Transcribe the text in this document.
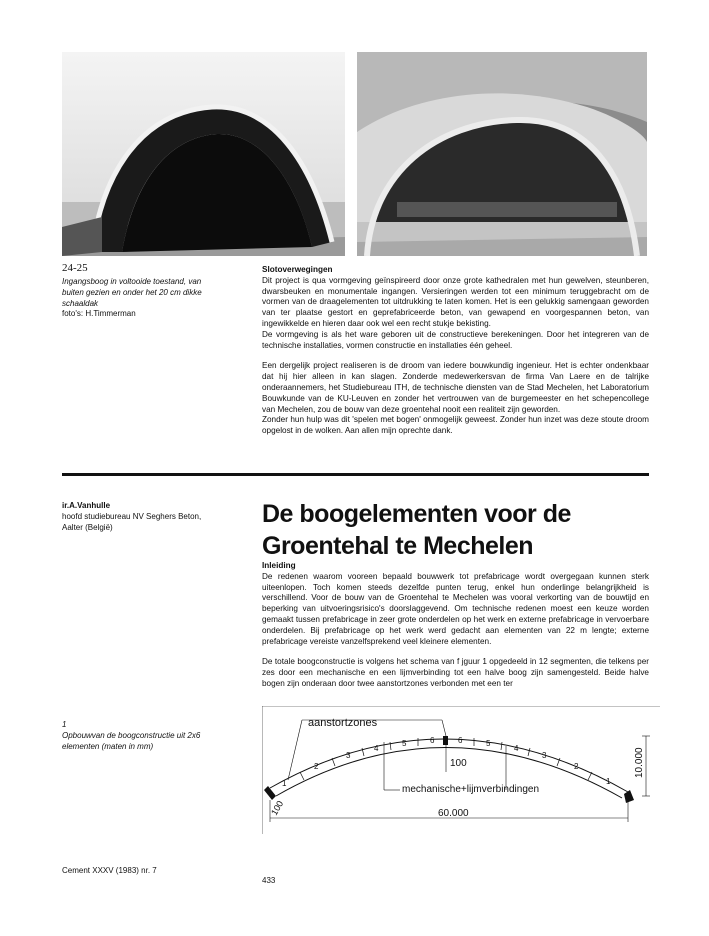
24-25
Ingangsboog in voltooide toestand, van
buiten gezien en onder het 20 cm dikke
schaaldak
foto's: H.Timmerman

Slotoverwegingen

Dit project is qua vormgeving geïnspireerd door onze grote kathedralen met hun gewelven, steunberen, dwarsbeuken en monumentale ingangen. Versieringen werden tot een minimum teruggebracht om de vormen van de draagelementen tot uitdrukking te laten komen. Het is een gelukkig samengaan geworden van ter plaatse gestort en geprefabriceerde beton, van gewapend en voorgespannen beton, van ingewikkelde en hieren daar ook wel een recht stukje bekisting.

De vormgeving is als het ware geboren uit de constructieve berekeningen. Door het integreren van de technische installaties, vormen constructie en installaties één geheel.

Een dergelijk project realiseren is de droom van iedere bouwkundig ingenieur. Het is echter ondenkbaar dat hij hier alleen in kan slagen. Zonderde medewerkersvan de firma Van Laere en de talrijke onderaannemers, het Studiebureau ITH, de technische diensten van de Stad Mechelen, het Laboratorium Bouwkunde van de KU-Leuven en zonder het vertrouwen van de burgemeester en het schepencollege van Mechelen, zou de bouw van deze groentehal nooit een realiteit zijn geworden.

Zonder hun hulp was dit 'spelen met bogen' onmogelijk geweest. Zonder hun inzet was deze stoute droom opgelost in de wolken. Aan allen mijn oprechte dank.

ir.A.Vanhulle
hoofd studiebureau NV Seghers Beton,
Aalter (België)	De boogelementen voor de
Groentehal te Mechelen

Inleiding

De redenen waarom vooreen bepaald bouwwerk tot prefabricage wordt overgegaan kunnen sterk uiteenlopen. Toch komen steeds dezelfde punten terug, enkel hun onderlinge belangrijkheid is verschillend. Voor de bouw van de Groentehal te Mechelen was vooral verkorting van de bouwtijd en beperking van uitvoeringsrisico's doorslaggevend. Om technische redenen moest een keuze worden gemaakt tussen prefabricage in zeer grote onderdelen op het werk en externe prefabricage in vervoerbare onderdelen. Bij prefabricage op het werk werd gedacht aan elementen van 22 m lengte; externe prefabricage vereiste vanzelfsprekend veel kleinere elementen.

De totale boogconstructie is volgens het schema van f jguur 1 opgedeeld in 12 segmenten, die telkens per zes door een mechanische en een lijmverbinding tot een halve boog zijn samengesteld. Beide halve bogen zijn onderaan door twee aanstortzones verbonden met een ter

1
Opbouwvan de boogconstructie uit 2x6
elementen (maten in mm)
1
2
3
4
5	6	6	5
4
3
2
1
aanstortzones
mechanische+lijmverbindingen
100
100
10.000
60.000
Cement XXXV (1983) nr. 7
433
